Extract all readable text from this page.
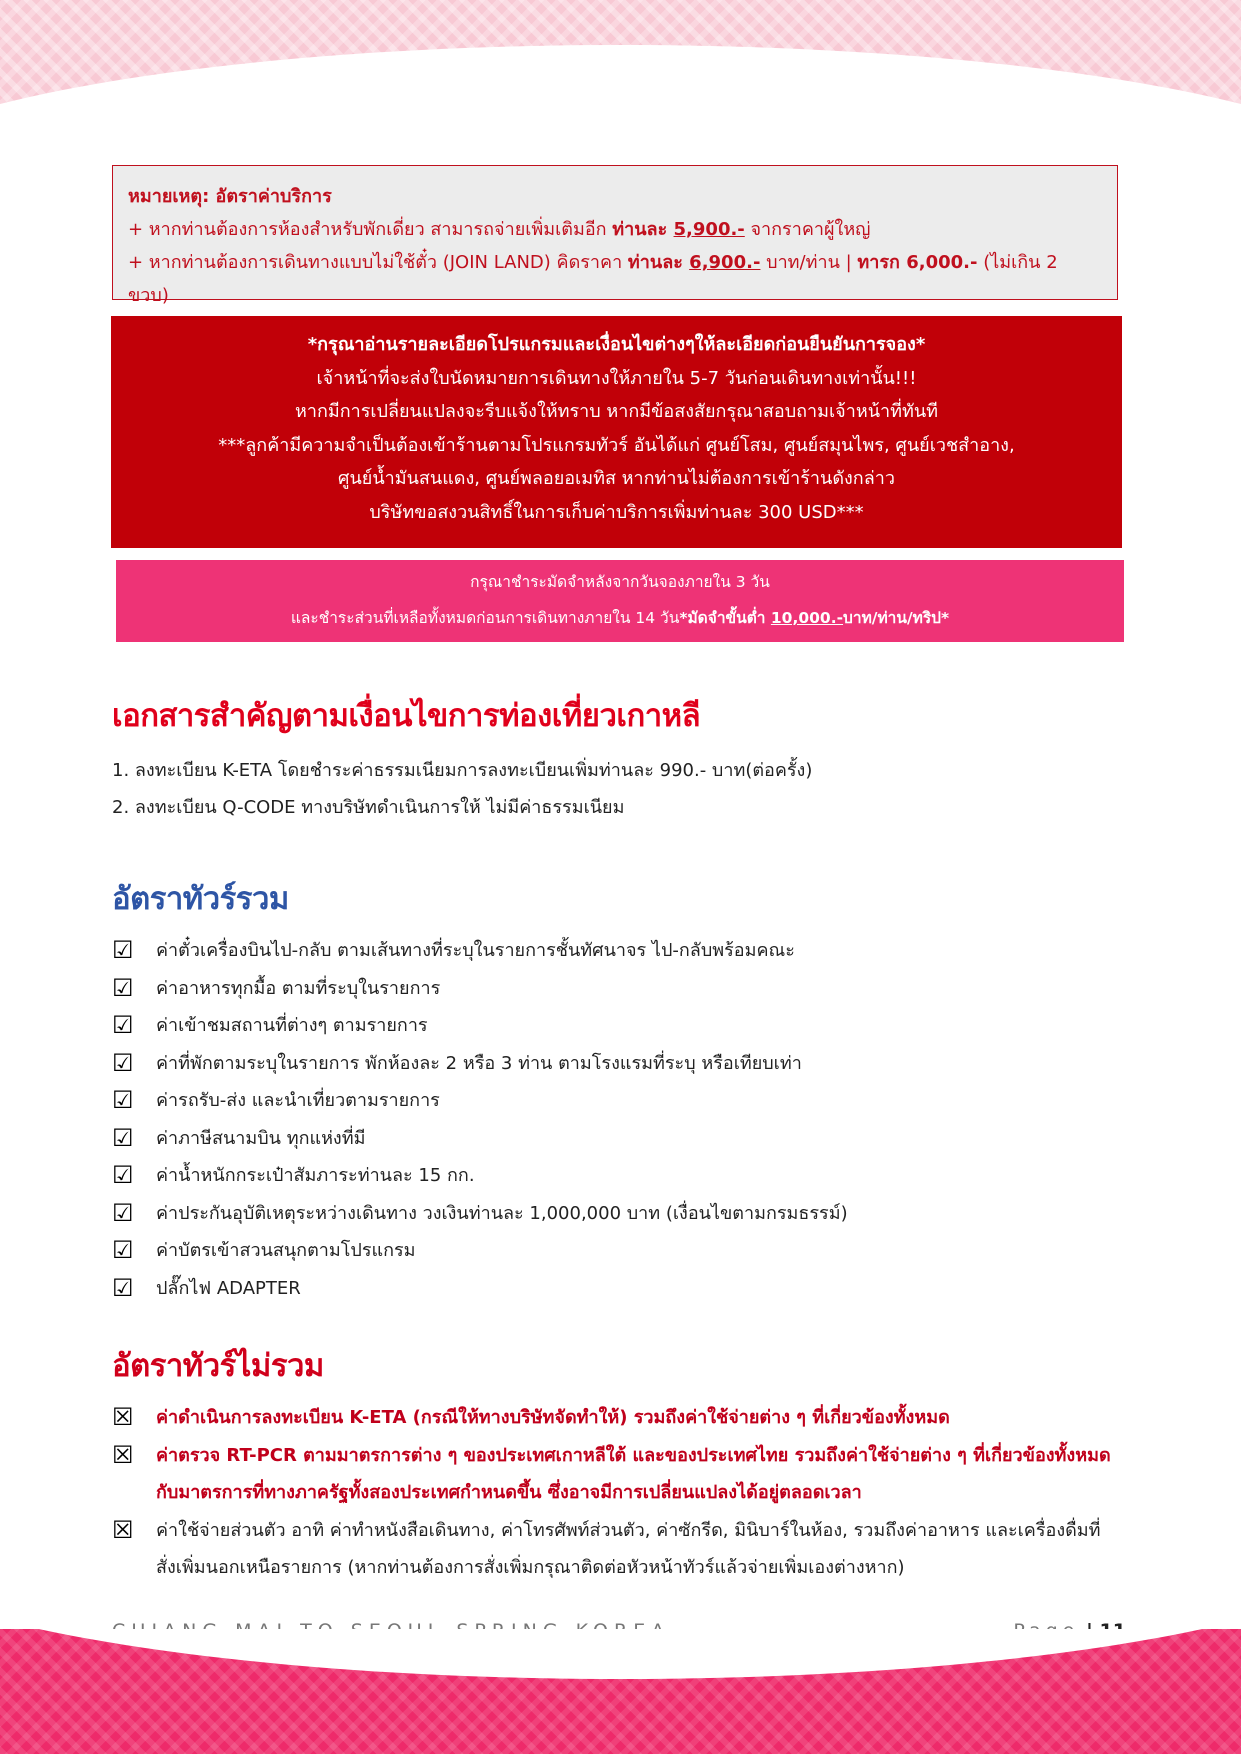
หมายเหตุ: อัตราค่าบริการ
+ หากท่านต้องการห้องสำหรับพักเดี่ยว สามารถจ่ายเพิ่มเติมอีก ท่านละ 5,900.- จากราคาผู้ใหญ่
+ หากท่านต้องการเดินทางแบบไม่ใช้ตั๋ว (JOIN LAND) คิดราคา ท่านละ 6,900.- บาท/ท่าน | ทารก 6,000.- (ไม่เกิน 2 ขวบ)
*กรุณาอ่านรายละเอียดโปรแกรมและเงื่อนไขต่างๆให้ละเอียดก่อนยืนยันการจอง*
เจ้าหน้าที่จะส่งใบนัดหมายการเดินทางให้ภายใน 5-7 วันก่อนเดินทางเท่านั้น!!!
หากมีการเปลี่ยนแปลงจะรีบแจ้งให้ทราบ หากมีข้อสงสัยกรุณาสอบถามเจ้าหน้าที่ทันที
***ลูกค้ามีความจำเป็นต้องเข้าร้านตามโปรแกรมทัวร์ อันได้แก่ ศูนย์โสม, ศูนย์สมุนไพร, ศูนย์เวชสำอาง,
ศูนย์น้ำมันสนแดง, ศูนย์พลอยอเมทิส หากท่านไม่ต้องการเข้าร้านดังกล่าว
บริษัทขอสงวนสิทธิ์ในการเก็บค่าบริการเพิ่มท่านละ 300 USD***
กรุณาชำระมัดจำหลังจากวันจองภายใน 3 วัน
และชำระส่วนที่เหลือทั้งหมดก่อนการเดินทางภายใน 14 วัน*มัดจำขั้นต่ำ 10,000.-บาท/ท่าน/ทริป*
เอกสารสำคัญตามเงื่อนไขการท่องเที่ยวเกาหลี
1. ลงทะเบียน K-ETA โดยชำระค่าธรรมเนียมการลงทะเบียนเพิ่มท่านละ 990.- บาท(ต่อครั้ง)
2. ลงทะเบียน Q-CODE ทางบริษัทดำเนินการให้ ไม่มีค่าธรรมเนียม
อัตราทัวร์รวม
☑	ค่าตั๋วเครื่องบินไป-กลับ ตามเส้นทางที่ระบุในรายการชั้นทัศนาจร ไป-กลับพร้อมคณะ
☑	ค่าอาหารทุกมื้อ ตามที่ระบุในรายการ
☑	ค่าเข้าชมสถานที่ต่างๆ ตามรายการ
☑	ค่าที่พักตามระบุในรายการ พักห้องละ 2 หรือ 3 ท่าน ตามโรงแรมที่ระบุ หรือเทียบเท่า
☑	ค่ารถรับ-ส่ง และนำเที่ยวตามรายการ
☑	ค่าภาษีสนามบิน ทุกแห่งที่มี
☑	ค่าน้ำหนักกระเป๋าสัมภาระท่านละ 15 กก.
☑	ค่าประกันอุบัติเหตุระหว่างเดินทาง วงเงินท่านละ 1,000,000 บาท (เงื่อนไขตามกรมธรรม์)
☑	ค่าบัตรเข้าสวนสนุกตามโปรแกรม
☑	ปลั๊กไฟ ADAPTER
อัตราทัวร์ไม่รวม
☒	ค่าดำเนินการลงทะเบียน K-ETA (กรณีให้ทางบริษัทจัดทำให้) รวมถึงค่าใช้จ่ายต่าง ๆ ที่เกี่ยวข้องทั้งหมด
☒	ค่าตรวจ RT-PCR ตามมาตรการต่าง ๆ ของประเทศเกาหลีใต้ และของประเทศไทย รวมถึงค่าใช้จ่ายต่าง ๆ ที่เกี่ยวข้องทั้งหมด กับมาตรการที่ทางภาครัฐทั้งสองประเทศกำหนดขึ้น ซึ่งอาจมีการเปลี่ยนแปลงได้อยู่ตลอดเวลา
☒	ค่าใช้จ่ายส่วนตัว อาทิ ค่าทำหนังสือเดินทาง, ค่าโทรศัพท์ส่วนตัว, ค่าซักรีด, มินิบาร์ในห้อง, รวมถึงค่าอาหาร และเครื่องดื่มที่สั่งเพิ่มนอกเหนือรายการ (หากท่านต้องการสั่งเพิ่มกรุณาติดต่อหัวหน้าทัวร์แล้วจ่ายเพิ่มเองต่างหาก)
